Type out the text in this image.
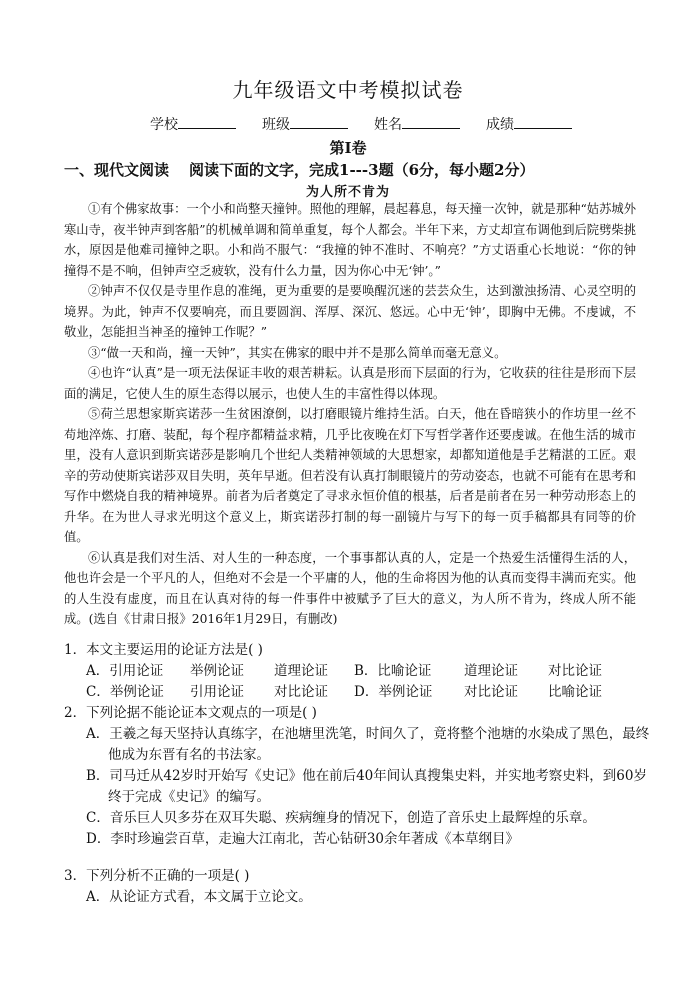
九年级语文中考模拟试卷
学校	班级	姓名	成绩
第Ⅰ卷
一、现代文阅读 阅读下面的文字，完成1---3题（6分，每小题2分）
为人所不肯为

①有个佛家故事：一个小和尚整天撞钟。照他的理解，晨起暮息，每天撞一次钟，就是那种“姑苏城外寒山寺，夜半钟声到客船”的机械单调和简单重复，每个人都会。半年下来，方丈却宣布调他到后院劈柴挑水，原因是他难司撞钟之职。小和尚不服气：“我撞的钟不准时、不响亮？”方丈语重心长地说：“你的钟撞得不是不响，但钟声空乏疲软，没有什么力量，因为你心中无‘钟’。”

②钟声不仅仅是寺里作息的准绳，更为重要的是要唤醒沉迷的芸芸众生，达到激浊扬清、心灵空明的境界。为此，钟声不仅要响亮，而且要圆润、浑厚、深沉、悠远。心中无‘钟’，即胸中无佛。不虔诚，不敬业，怎能担当神圣的撞钟工作呢？”

③“做一天和尚，撞一天钟”，其实在佛家的眼中并不是那么简单而毫无意义。

④也许“认真”是一项无法保证丰收的艰苦耕耘。认真是形而下层面的行为，它收获的往往是形而下层面的满足，它使人生的原生态得以展示，也使人生的丰富性得以体现。

⑤荷兰思想家斯宾诺莎一生贫困潦倒，以打磨眼镜片维持生活。白天，他在昏暗狭小的作坊里一丝不苟地淬炼、打磨、装配，每个程序都精益求精，几乎比夜晚在灯下写哲学著作还要虔诚。在他生活的城市里，没有人意识到斯宾诺莎是影响几个世纪人类精神领域的大思想家，却都知道他是手艺精湛的工匠。艰辛的劳动使斯宾诺莎双目失明，英年早逝。但若没有认真打制眼镜片的劳动姿态，也就不可能有在思考和写作中燃烧自我的精神境界。前者为后者奠定了寻求永恒价值的根基，后者是前者在另一种劳动形态上的升华。在为世人寻求光明这个意义上，斯宾诺莎打制的每一副镜片与写下的每一页手稿都具有同等的价值。

⑥认真是我们对生活、对人生的一种态度，一个事事都认真的人，定是一个热爱生活懂得生活的人，他也许会是一个平凡的人，但绝对不会是一个平庸的人，他的生命将因为他的认真而变得丰满而充实。他的人生没有虚度，而且在认真对待的每一件事件中被赋予了巨大的意义，为人所不肯为，终成人所不能成。(选自《甘肃日报》2016年1月29日，有删改)

1．本文主要运用的论证方法是( )

A．引用论证	举例论证	道理论证	B．比喻论证	道理论证	对比论证
C．举例论证	引用论证	对比论证	D．举例论证	对比论证	比喻论证

2．下列论据不能论证本文观点的一项是( )

A．王羲之每天坚持认真练字，在池塘里洗笔，时间久了，竟将整个池塘的水染成了黑色，最终他成为东晋有名的书法家。

B．司马迁从42岁时开始写《史记》他在前后40年间认真搜集史料，并实地考察史料，到60岁终于完成《史记》的编写。

C．音乐巨人贝多芬在双耳失聪、疾病缠身的情况下，创造了音乐史上最辉煌的乐章。

D．李时珍遍尝百草，走遍大江南北，苦心钻研30余年著成《本草纲目》

3．下列分析不正确的一项是( )

A．从论证方式看，本文属于立论文。
